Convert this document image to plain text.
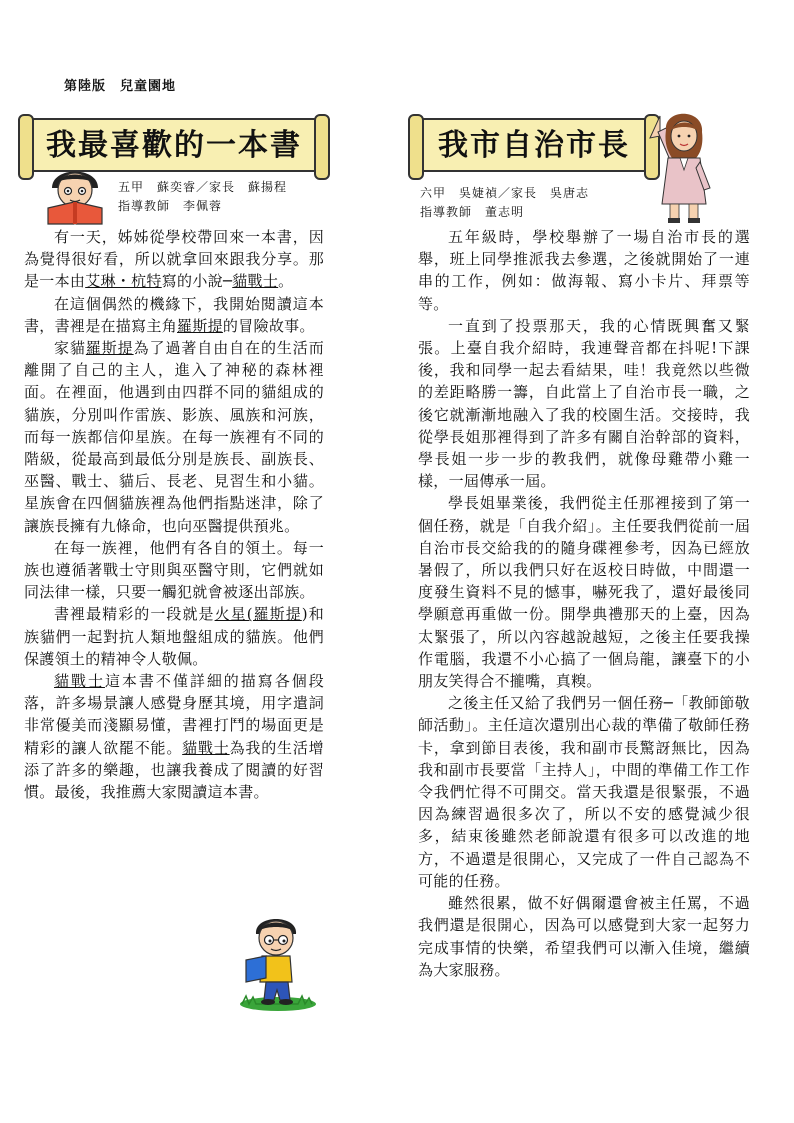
第陸版 兒童園地
我最喜歡的一本書	我市自治市長
五甲　蘇奕睿／家長　蘇揚程
指導教師　李佩蓉
六甲　吳婕禎／家長　吳唐志
指導教師　董志明

有一天，姊姊從學校帶回來一本書，因為覺得很好看，所以就拿回來跟我分享。那是一本由艾琳・杭特寫的小說─貓戰士。

在這個偶然的機緣下，我開始閱讀這本書，書裡是在描寫主角羅斯提的冒險故事。

家貓羅斯提為了過著自由自在的生活而離開了自己的主人，進入了神秘的森林裡面。在裡面，他遇到由四群不同的貓組成的貓族，分別叫作雷族、影族、風族和河族，而每一族都信仰星族。在每一族裡有不同的階級，從最高到最低分別是族長、副族長、巫醫、戰士、貓后、長老、見習生和小貓。星族會在四個貓族裡為他們指點迷津，除了讓族長擁有九條命，也向巫醫提供預兆。

在每一族裡，他們有各自的領土。每一族也遵循著戰士守則與巫醫守則，它們就如同法律一樣，只要一觸犯就會被逐出部族。

書裡最精彩的一段就是火星(羅斯提)和族貓們一起對抗人類地盤組成的貓族。他們保護領土的精神令人敬佩。

貓戰士這本書不僅詳細的描寫各個段落，許多場景讓人感覺身歷其境，用字遣詞非常優美而淺顯易懂，書裡打鬥的場面更是精彩的讓人欲罷不能。貓戰士為我的生活增添了許多的樂趣，也讓我養成了閱讀的好習慣。最後，我推薦大家閱讀這本書。

五年級時，學校舉辦了一場自治市長的選舉，班上同學推派我去參選，之後就開始了一連串的工作，例如：做海報、寫小卡片、拜票等等。

一直到了投票那天，我的心情既興奮又緊張。上臺自我介紹時，我連聲音都在抖呢!下課後，我和同學一起去看結果，哇！我竟然以些微的差距略勝一籌，自此當上了自治市長一職，之後它就漸漸地融入了我的校園生活。交接時，我從學長姐那裡得到了許多有關自治幹部的資料，學長姐一步一步的教我們，就像母雞帶小雞一樣，一屆傳承一屆。

學長姐畢業後，我們從主任那裡接到了第一個任務，就是「自我介紹」。主任要我們從前一屆自治市長交給我的的隨身碟裡參考，因為已經放暑假了，所以我們只好在返校日時做，中間還一度發生資料不見的憾事，嚇死我了，還好最後同學願意再重做一份。開學典禮那天的上臺，因為太緊張了，所以內容越說越短，之後主任要我操作電腦，我還不小心搞了一個烏龍，讓臺下的小朋友笑得合不攏嘴，真糗。

之後主任又給了我們另一個任務─「教師節敬師活動」。主任這次還別出心裁的準備了敬師任務卡，拿到節目表後，我和副市長驚訝無比，因為我和副市長要當「主持人」，中間的準備工作工作令我們忙得不可開交。當天我還是很緊張，不過因為練習過很多次了，所以不安的感覺減少很多，結束後雖然老師說還有很多可以改進的地方，不過還是很開心，又完成了一件自己認為不可能的任務。

雖然很累，做不好偶爾還會被主任罵，不過我們還是很開心，因為可以感覺到大家一起努力完成事情的快樂，希望我們可以漸入佳境，繼續為大家服務。
